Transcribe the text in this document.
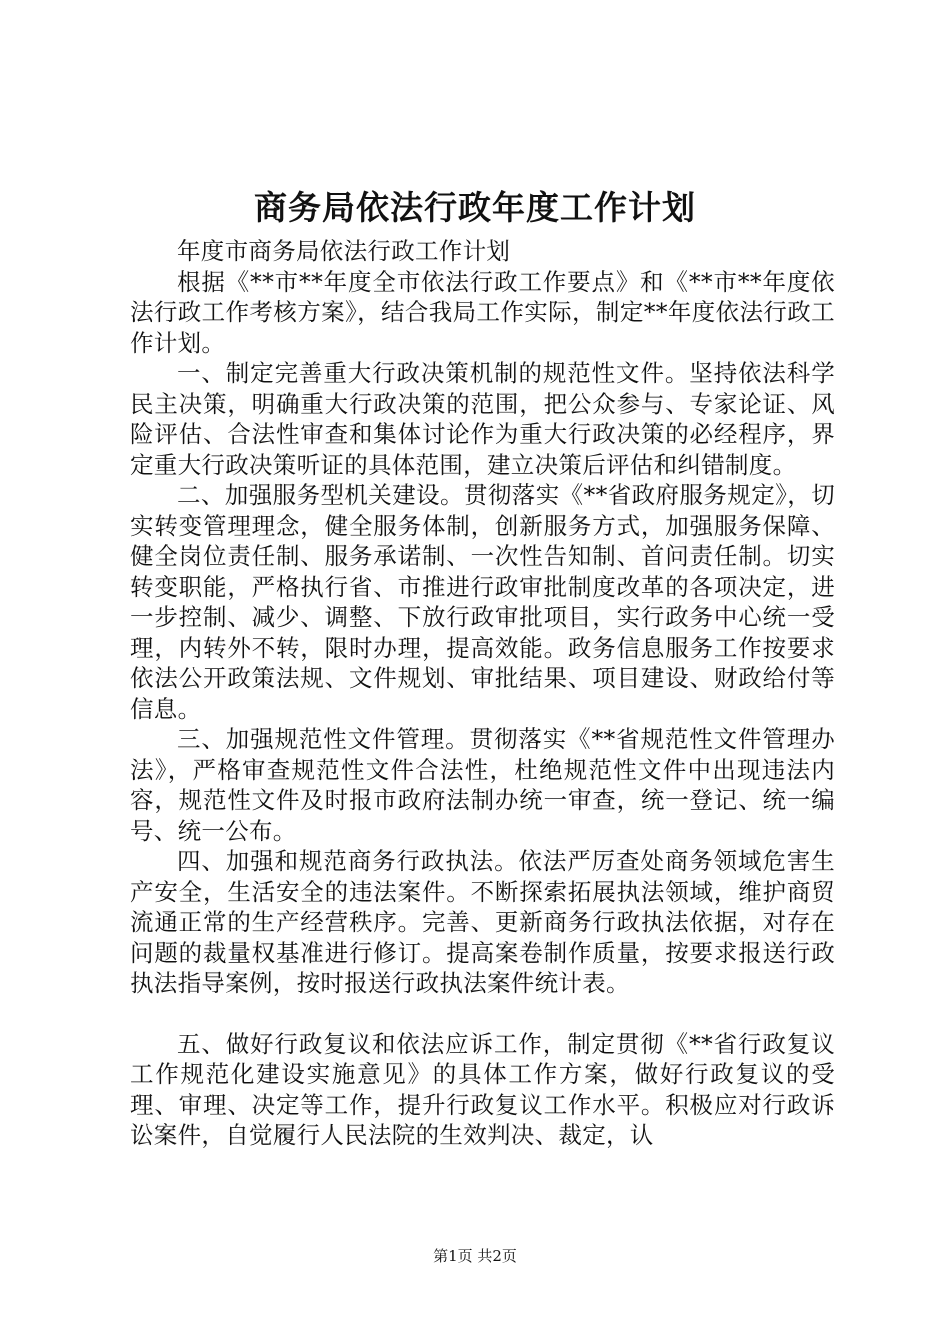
商务局依法行政年度工作计划

年度市商务局依法行政工作计划

根据《**市**年度全市依法行政工作要点》和《**市**年度依法行政工作考核方案》，结合我局工作实际，制定**年度依法行政工作计划。

一、制定完善重大行政决策机制的规范性文件。坚持依法科学民主决策，明确重大行政决策的范围，把公众参与、专家论证、风险评估、合法性审查和集体讨论作为重大行政决策的必经程序，界定重大行政决策听证的具体范围，建立决策后评估和纠错制度。

二、加强服务型机关建设。贯彻落实《**省政府服务规定》，切实转变管理理念，健全服务体制，创新服务方式，加强服务保障、健全岗位责任制、服务承诺制、一次性告知制、首问责任制。切实转变职能，严格执行省、市推进行政审批制度改革的各项决定，进一步控制、减少、调整、下放行政审批项目，实行政务中心统一受理，内转外不转，限时办理，提高效能。政务信息服务工作按要求依法公开政策法规、文件规划、审批结果、项目建设、财政给付等信息。

三、加强规范性文件管理。贯彻落实《**省规范性文件管理办法》，严格审查规范性文件合法性，杜绝规范性文件中出现违法内容，规范性文件及时报市政府法制办统一审查，统一登记、统一编号、统一公布。

四、加强和规范商务行政执法。依法严厉查处商务领域危害生产安全，生活安全的违法案件。不断探索拓展执法领域，维护商贸流通正常的生产经营秩序。完善、更新商务行政执法依据，对存在问题的裁量权基准进行修订。提高案卷制作质量，按要求报送行政执法指导案例，按时报送行政执法案件统计表。

五、做好行政复议和依法应诉工作，制定贯彻《**省行政复议工作规范化建设实施意见》的具体工作方案，做好行政复议的受理、审理、决定等工作，提升行政复议工作水平。积极应对行政诉讼案件，自觉履行人民法院的生效判决、裁定，认

第1页 共2页
